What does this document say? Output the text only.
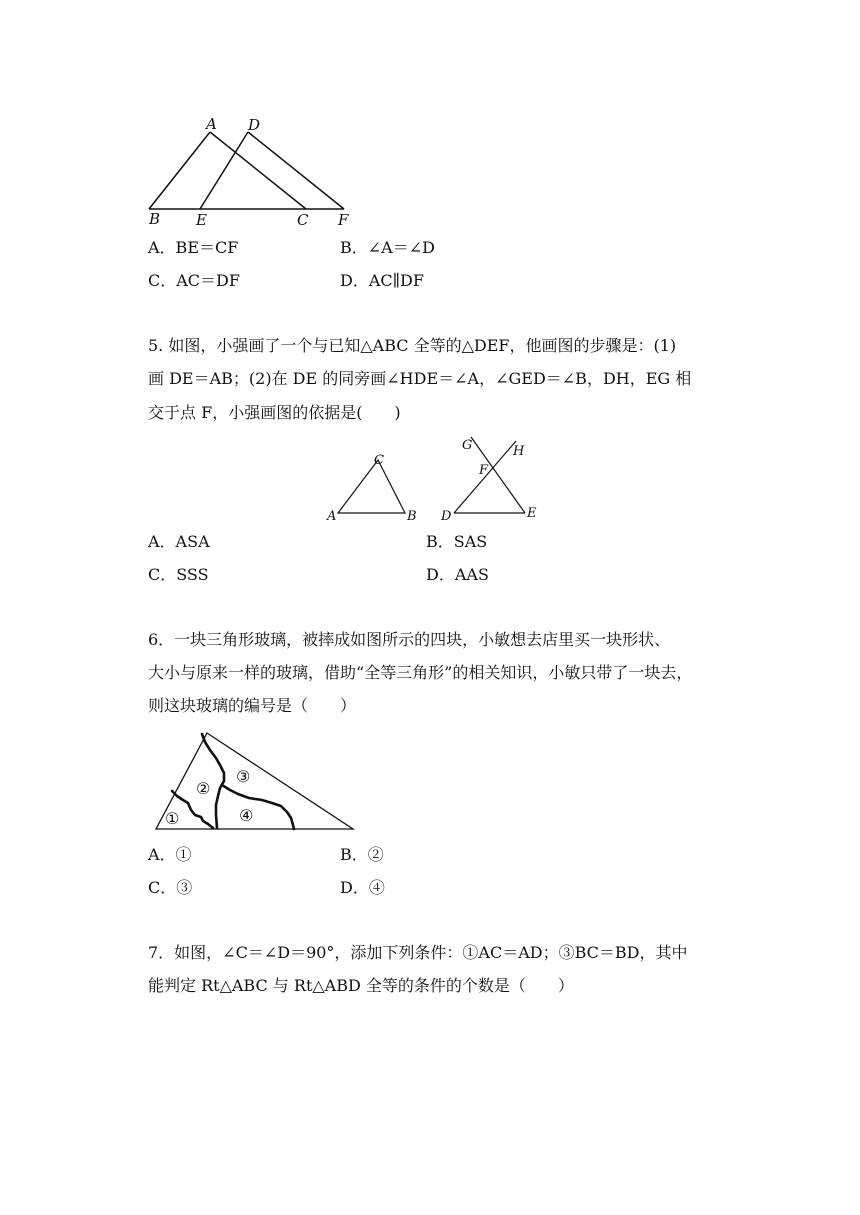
A D
B E	C F
A．BE＝CF	B．∠A＝∠D
C．AC＝DF	D．AC∥DF
5. 如图，小强画了一个与已知△ABC 全等的△DEF，他画图的步骤是：(1)
画 DE＝AB；(2)在 DE 的同旁画∠HDE＝∠A，∠GED＝∠B，DH，EG 相
交于点 F，小强画图的依据是(　　)
C
A	B
G	H
F
D	E
A．ASA	B．SAS
C．SSS	D．AAS
6．一块三角形玻璃，被摔成如图所示的四块，小敏想去店里买一块形状、
大小与原来一样的玻璃，借助“全等三角形”的相关知识，小敏只带了一块去，
则这块玻璃的编号是（　　）
①
②
③
④
A．①	B．②
C．③	D．④
7．如图，∠C＝∠D＝90°，添加下列条件：①AC＝AD；③BC＝BD，其中
能判定 Rt△ABC 与 Rt△ABD 全等的条件的个数是（　　）
